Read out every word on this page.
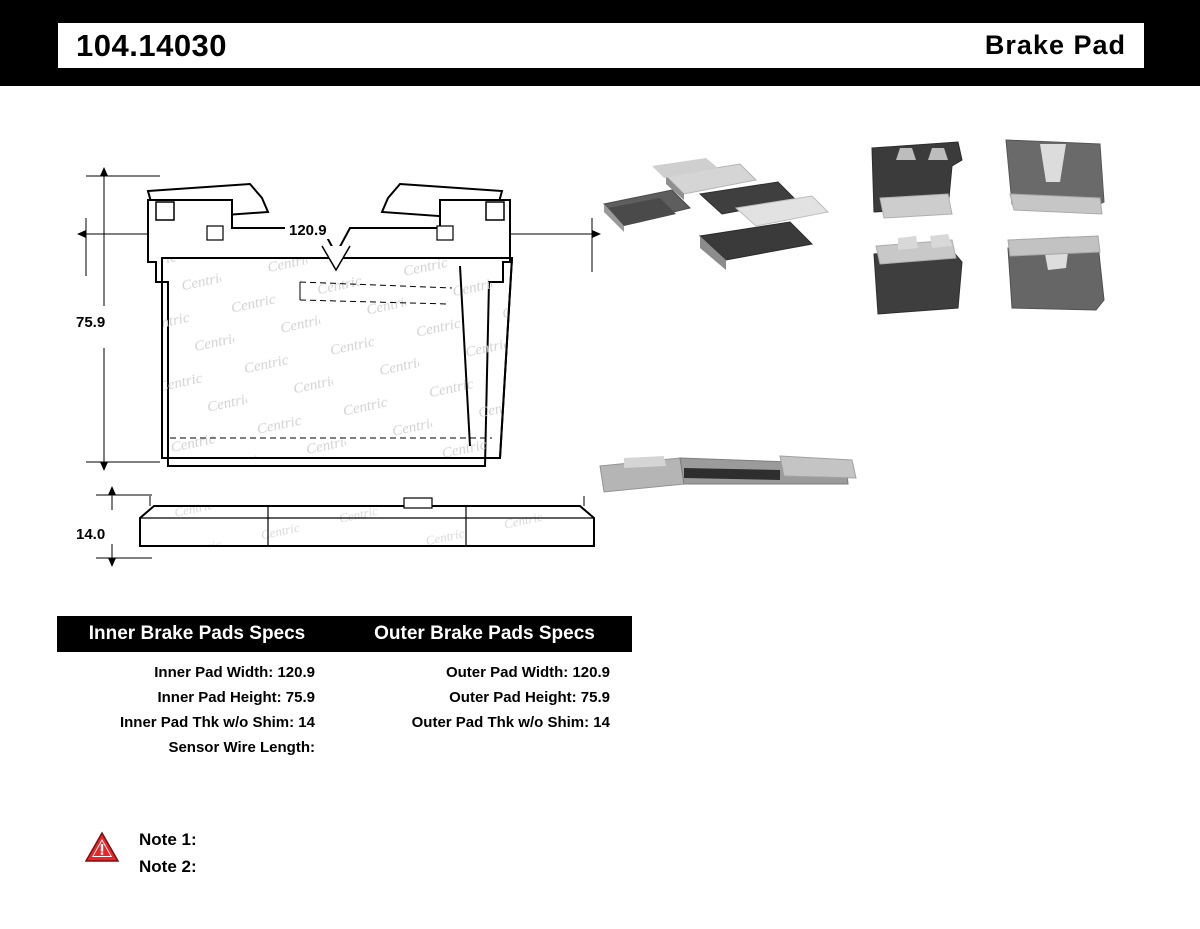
104.14030	Brake Pad
120.9
75.9
14.0
Inner Brake Pads Specs	Outer Brake Pads Specs
Inner Pad Width: 120.9
Inner Pad Height: 75.9
Inner Pad Thk w/o Shim: 14
Sensor Wire Length:
Outer Pad Width: 120.9
Outer Pad Height: 75.9
Outer Pad Thk w/o Shim: 14
Note 1:
Note 2:
